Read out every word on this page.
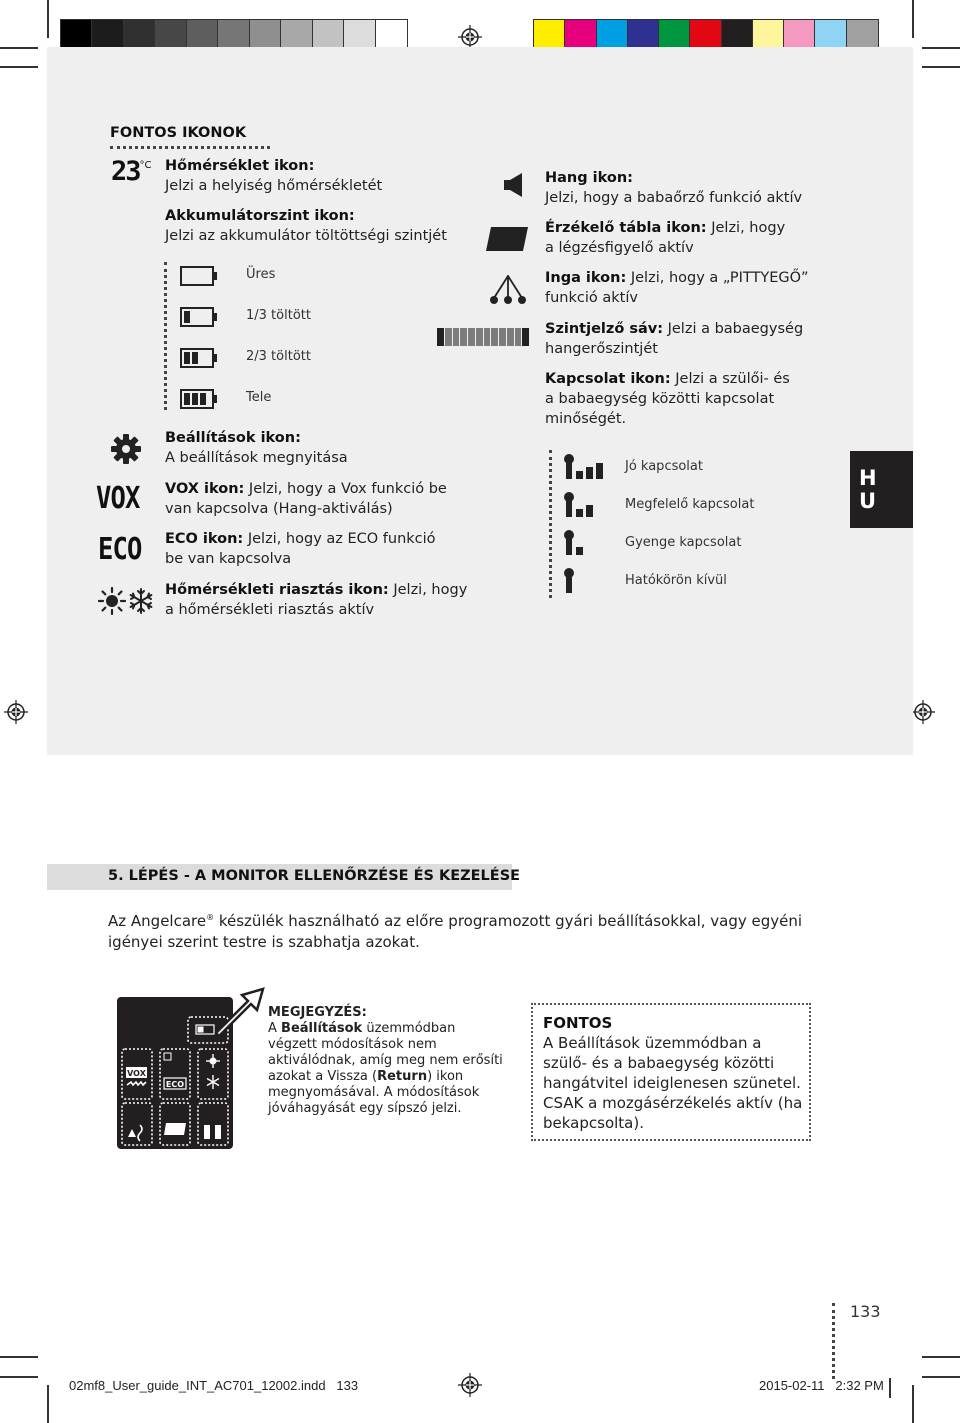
FONTOS IKONOK
$23^{^\circ C}$ Hőmérséklet ikon:
Jelzi a helyiség hőmérsékletét
Akkumulátorszint ikon:
Jelzi az akkumulátor töltöttségi szintjét
Üres
1/3 töltött
2/3 töltött
Tele
Beállítások ikon:
A beállítások megnyitása
VOX VOX ikon: Jelzi, hogy a Vox funkció be
van kapcsolva (Hang-aktiválás)
ECO ECO ikon: Jelzi, hogy az ECO funkció
be van kapcsolva
Hőmérsékleti riasztás ikon: Jelzi, hogy
a hőmérsékleti riasztás aktív
Hang ikon:
Jelzi, hogy a babaőrző funkció aktív
Érzékelő tábla ikon: Jelzi, hogy
a légzésfigyelő aktív
Inga ikon: Jelzi, hogy a „PITTYEGŐ”
funkció aktív
Szintjelző sáv: Jelzi a babaegység
hangerőszintjét
Kapcsolat ikon: Jelzi a szülői- és
a babaegység közötti kapcsolat
minőségét.
Jó kapcsolat
Megfelelő kapcsolat
Gyenge kapcsolat
Hatókörön kívül
H
U
5. LÉPÉS - A MONITOR ELLENŐRZÉSE ÉS KEZELÉSE
Az Angelcare® készülék használható az előre programozott gyári beállításokkal, vagy egyéni igényei szerint testre is szabhatja azokat.
VOX
ECO
MEGJEGYZÉS:
A Beállítások üzemmódban végzett módosítások nem aktiválódnak, amíg meg nem erősíti azokat a Vissza (Return) ikon megnyomásával. A módosítások jóváhagyását egy sípszó jelzi.
FONTOS
A Beállítások üzemmódban a szülő- és a babaegység közötti hangátvitel ideiglenesen szünetel. CSAK a mozgásérzékelés aktív (ha bekapcsolta).
133
02mf8_User_guide_INT_AC701_12002.indd   133	2015-02-11   2:32 PM
